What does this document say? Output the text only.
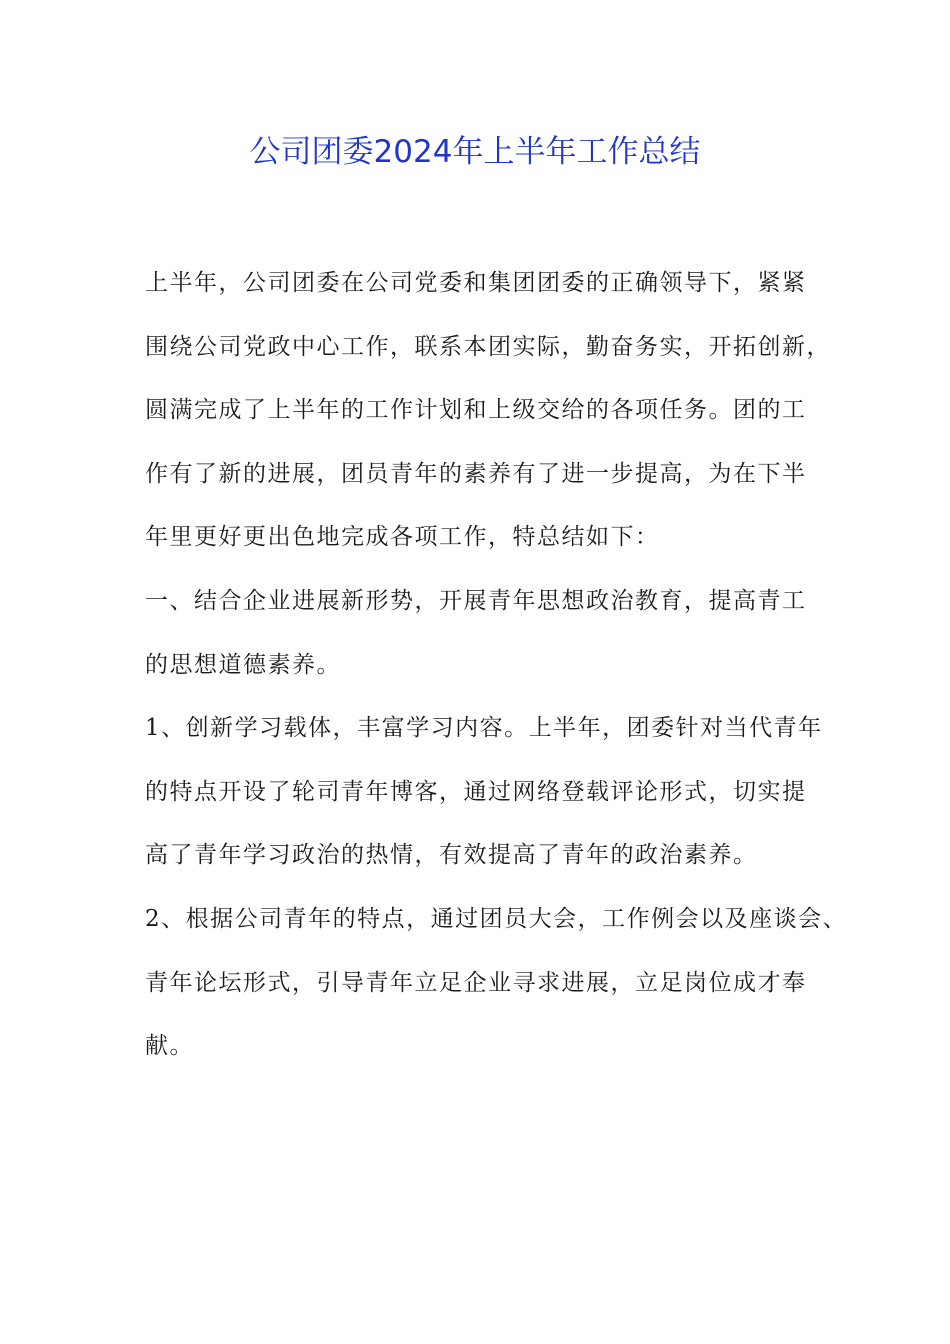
公司团委2024年上半年工作总结

上半年，公司团委在公司党委和集团团委的正确领导下，紧紧

围绕公司党政中心工作，联系本团实际，勤奋务实，开拓创新，

圆满完成了上半年的工作计划和上级交给的各项任务。团的工

作有了新的进展，团员青年的素养有了进一步提高，为在下半

年里更好更出色地完成各项工作，特总结如下：

一、结合企业进展新形势，开展青年思想政治教育，提高青工

的思想道德素养。

1、创新学习载体，丰富学习内容。上半年，团委针对当代青年

的特点开设了轮司青年博客，通过网络登载评论形式，切实提

高了青年学习政治的热情，有效提高了青年的政治素养。

2、根据公司青年的特点，通过团员大会，工作例会以及座谈会、

青年论坛形式，引导青年立足企业寻求进展，立足岗位成才奉

献。
